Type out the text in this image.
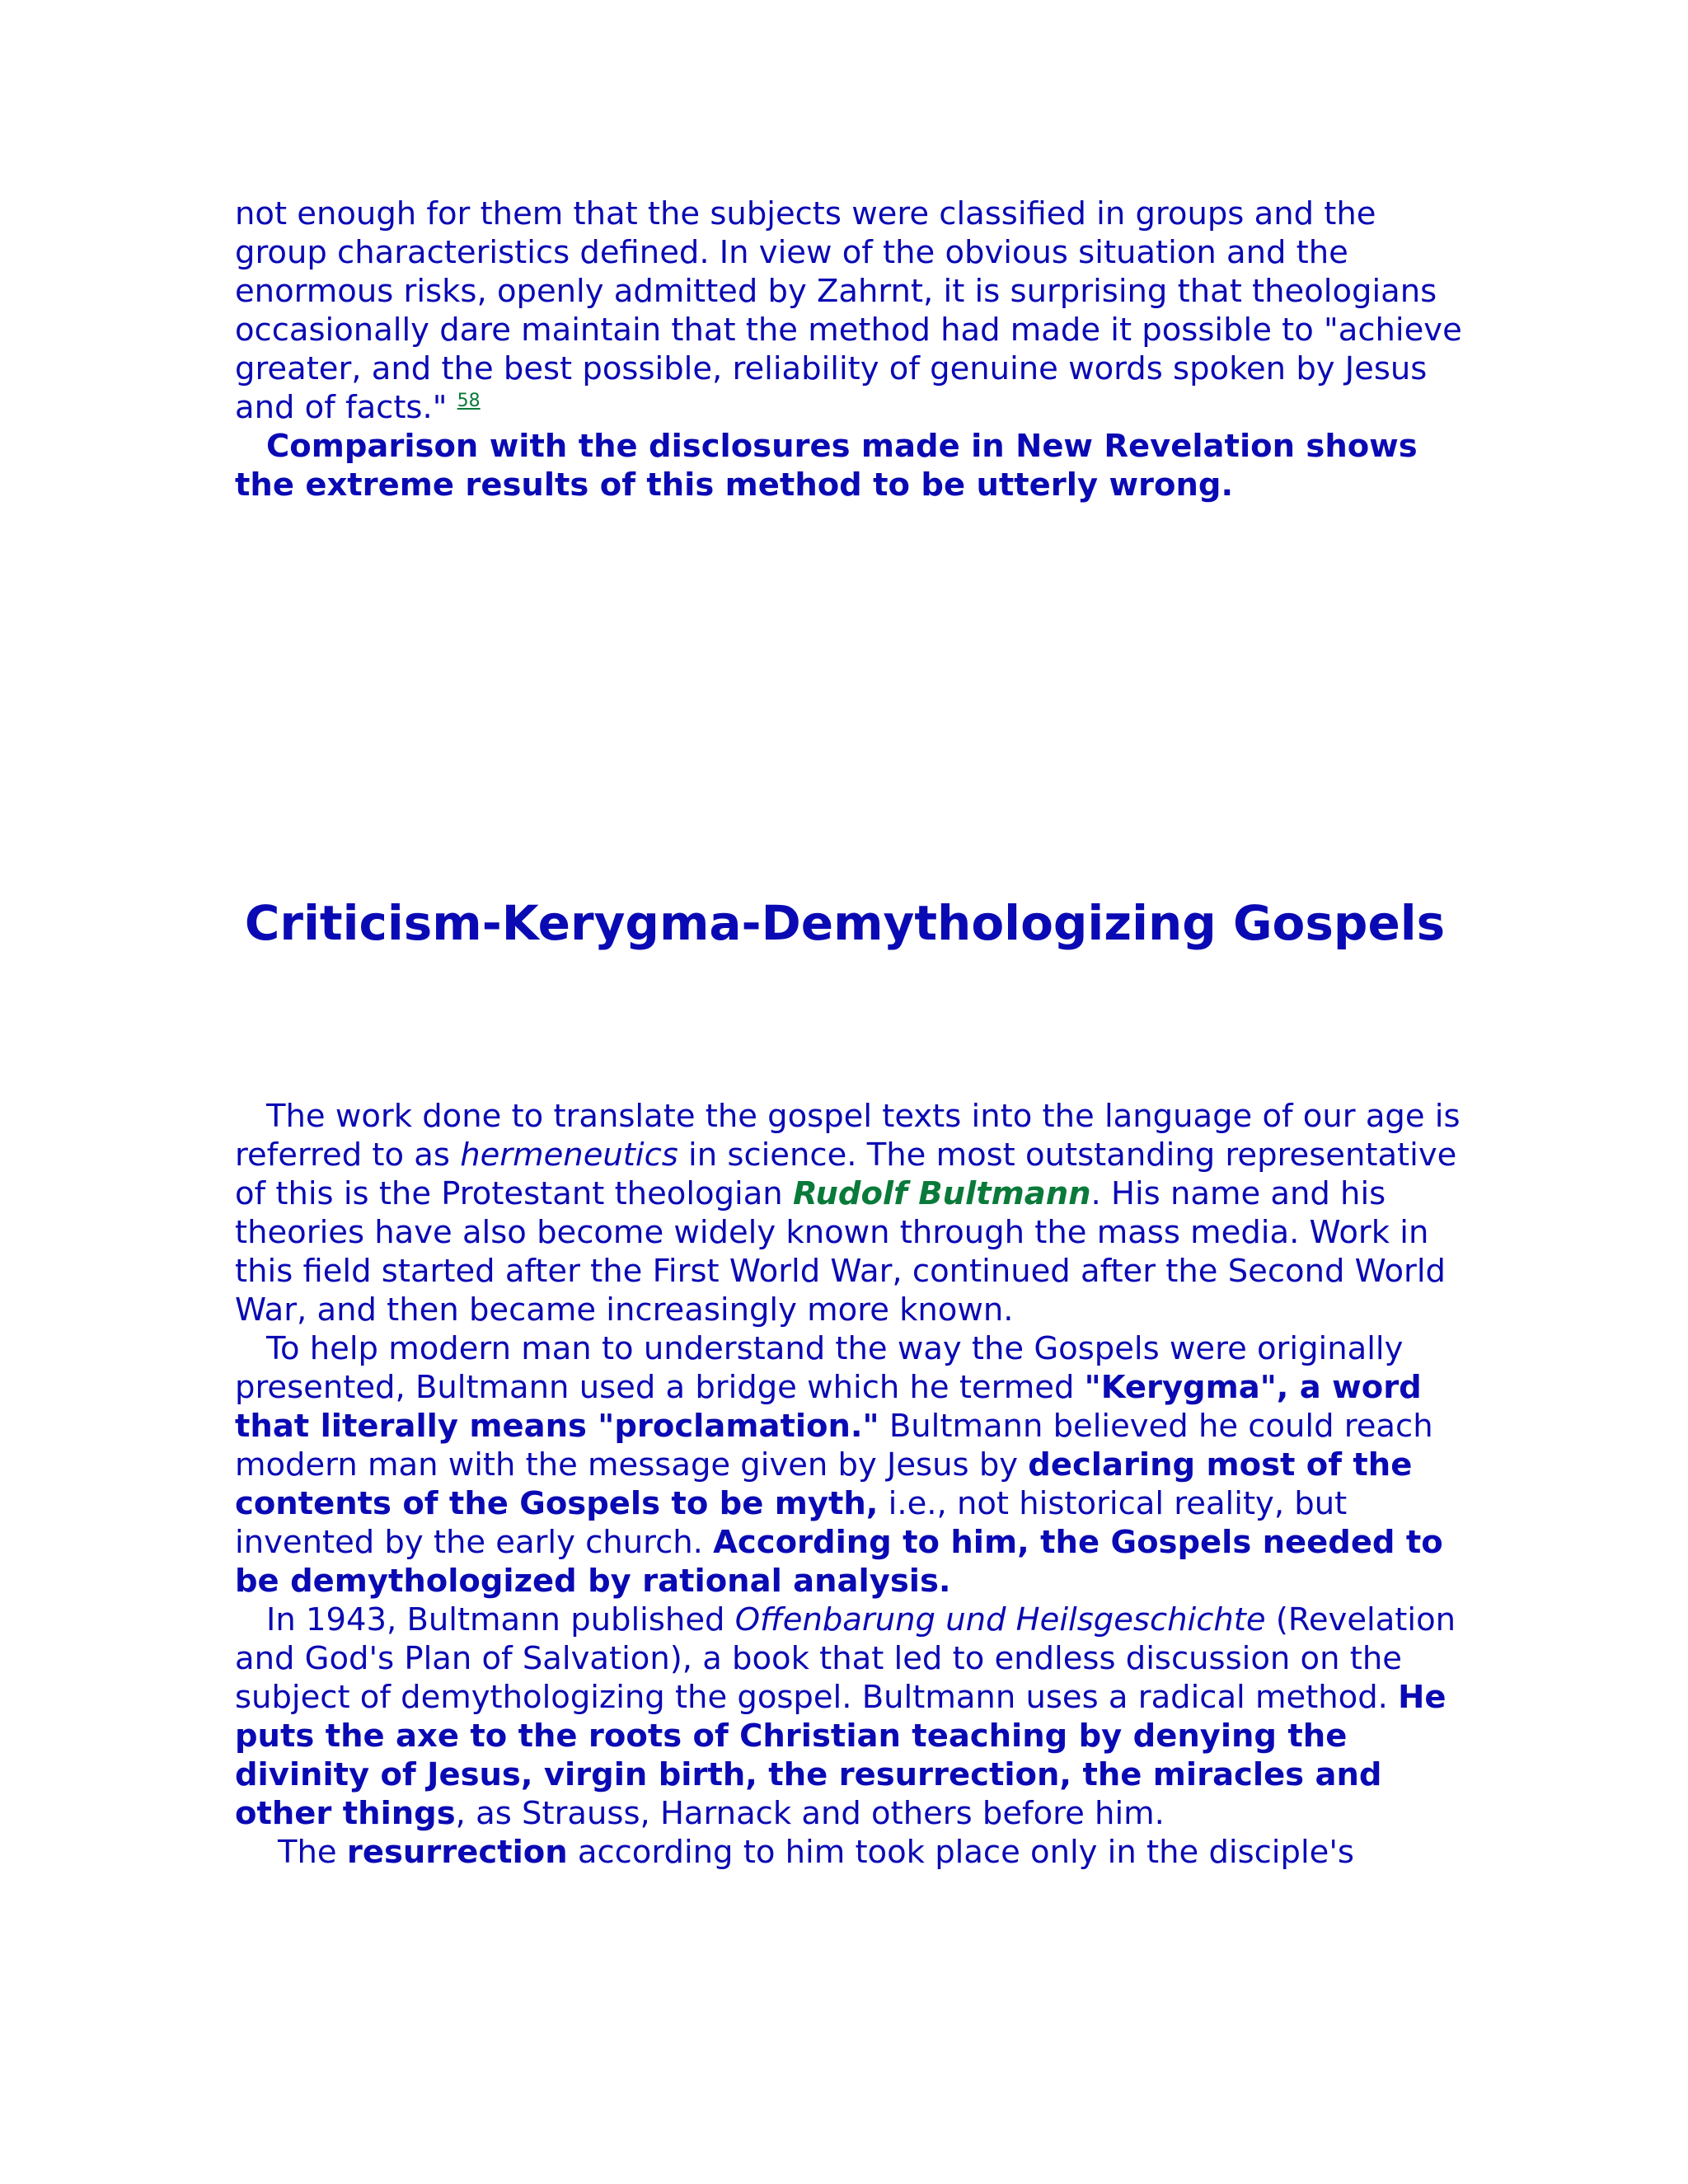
not enough for them that the subjects were classified in groups and the group characteristics defined. In view of the obvious situation and the enormous risks, openly admitted by Zahrnt, it is surprising that theologians occasionally dare maintain that the method had made it possible to "achieve greater, and the best possible, reliability of genuine words spoken by Jesus and of facts." $^{58}$

Comparison with the disclosures made in New Revelation shows the extreme results of this method to be utterly wrong.

Criticism-Kerygma-Demythologizing Gospels

The work done to translate the gospel texts into the language of our age is referred to as hermeneutics in science. The most outstanding representative of this is the Protestant theologian Rudolf Bultmann. His name and his theories have also become widely known through the mass media. Work in this field started after the First World War, continued after the Second World War, and then became increasingly more known.

To help modern man to understand the way the Gospels were originally presented, Bultmann used a bridge which he termed "Kerygma", a word that literally means "proclamation." Bultmann believed he could reach modern man with the message given by Jesus by declaring most of the contents of the Gospels to be myth, i.e., not historical reality, but invented by the early church. According to him, the Gospels needed to be demythologized by rational analysis.

In 1943, Bultmann published Offenbarung und Heilsgeschichte (Revelation and God's Plan of Salvation), a book that led to endless discussion on the subject of demythologizing the gospel. Bultmann uses a radical method. He puts the axe to the roots of Christian teaching by denying the divinity of Jesus, virgin birth, the resurrection, the miracles and other things, as Strauss, Harnack and others before him.

The resurrection according to him took place only in the disciple's
